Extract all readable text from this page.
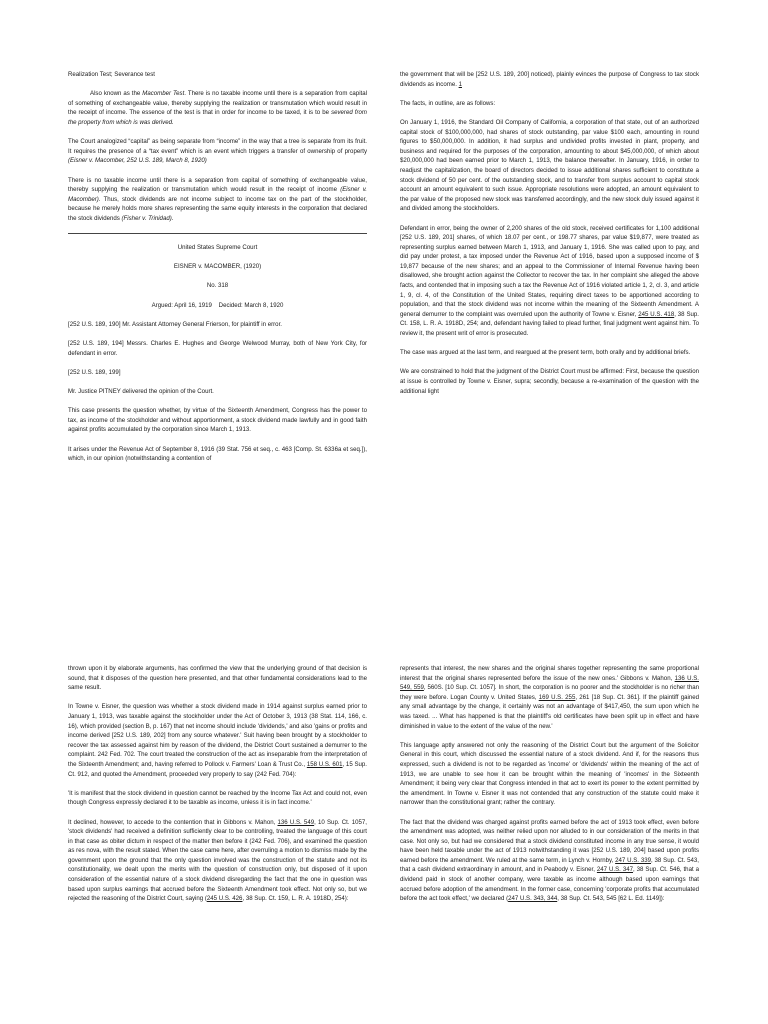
Realization Test; Severance test

Also known as the Macomber Test. There is no taxable income until there is a separation from capital of something of exchangeable value, thereby supplying the realization or transmutation which would result in the receipt of income. The essence of the test is that in order for income to be taxed, it is to be severed from the property from which is was derived.

The Court analogized “capital” as being separate from “income” in the way that a tree is separate from its fruit. It requires the presence of a “tax event” which is an event which triggers a transfer of ownership of property (Eisner v. Macomber, 252 U.S. 189, March 8, 1920)

There is no taxable income until there is a separation from capital of something of exchangeable value, thereby supplying the realization or transmutation which would result in the receipt of income (Eisner v. Macomber). Thus, stock dividends are not income subject to income tax on the part of the stockholder, because he merely holds more shares representing the same equity interests in the corporation that declared the stock dividends (Fisher v. Trinidad).

United States Supreme Court
EISNER v. MACOMBER, (1920)
No. 318
Argued: April 16, 1919    Decided: March 8, 1920

[252 U.S. 189, 190] Mr. Assistant Attorney General Frierson, for plaintiff in error.

[252 U.S. 189, 194] Messrs. Charles E. Hughes and George Welwood Murray, both of New York City, for defendant in error.

[252 U.S. 189, 199]

Mr. Justice PITNEY delivered the opinion of the Court.

This case presents the question whether, by virtue of the Sixteenth Amendment, Congress has the power to tax, as income of the stockholder and without apportionment, a stock dividend made lawfully and in good faith against profits accumulated by the corporation since March 1, 1913.

It arises under the Revenue Act of September 8, 1916 (39 Stat. 756 et seq., c. 463 [Comp. St. 6336a et seq.]), which, in our opinion (notwithstanding a contention of

the government that will be [252 U.S. 189, 200] noticed), plainly evinces the purpose of Congress to tax stock dividends as income. 1

The facts, in outline, are as follows:

On January 1, 1916, the Standard Oil Company of California, a corporation of that state, out of an authorized capital stock of $100,000,000, had shares of stock outstanding, par value $100 each, amounting in round figures to $50,000,000. In addition, it had surplus and undivided profits invested in plant, property, and business and required for the purposes of the corporation, amounting to about $45,000,000, of which about $20,000,000 had been earned prior to March 1, 1913, the balance thereafter. In January, 1916, in order to readjust the capitalization, the board of directors decided to issue additional shares sufficient to constitute a stock dividend of 50 per cent. of the outstanding stock, and to transfer from surplus account to capital stock account an amount equivalent to such issue. Appropriate resolutions were adopted, an amount equivalent to the par value of the proposed new stock was transferred accordingly, and the new stock duly issued against it and divided among the stockholders.

Defendant in error, being the owner of 2,200 shares of the old stock, received certificates for 1,100 additional [252 U.S. 189, 201] shares, of which 18.07 per cent., or 198.77 shares, par value $19,877, were treated as representing surplus earned between March 1, 1913, and January 1, 1916. She was called upon to pay, and did pay under protest, a tax imposed under the Revenue Act of 1916, based upon a supposed income of $ 19,877 because of the new shares; and an appeal to the Commissioner of Internal Revenue having been disallowed, she brought action against the Collector to recover the tax. In her complaint she alleged the above facts, and contended that in imposing such a tax the Revenue Act of 1916 violated article 1, 2, cl. 3, and article 1, 9, cl. 4, of the Constitution of the United States, requiring direct taxes to be apportioned according to population, and that the stock dividend was not income within the meaning of the Sixteenth Amendment. A general demurrer to the complaint was overruled upon the authority of Towne v. Eisner, 245 U.S. 418, 38 Sup. Ct. 158, L. R. A. 1918D, 254; and, defendant having failed to plead further, final judgment went against him. To review it, the present writ of error is prosecuted.

The case was argued at the last term, and reargued at the present term, both orally and by additional briefs.

We are constrained to hold that the judgment of the District Court must be affirmed: First, because the question at issue is controlled by Towne v. Eisner, supra; secondly, because a re-examination of the question with the additional light

thrown upon it by elaborate arguments, has confirmed the view that the underlying ground of that decision is sound, that it disposes of the question here presented, and that other fundamental considerations lead to the same result.

In Towne v. Eisner, the question was whether a stock dividend made in 1914 against surplus earned prior to January 1, 1913, was taxable against the stockholder under the Act of October 3, 1913 (38 Stat. 114, 166, c. 16), which provided (section B, p. 167) that net income should include 'dividends,' and also 'gains or profits and income derived [252 U.S. 189, 202] from any source whatever.' Suit having been brought by a stockholder to recover the tax assessed against him by reason of the dividend, the District Court sustained a demurrer to the complaint. 242 Fed. 702. The court treated the construction of the act as inseparable from the interpretation of the Sixteenth Amendment; and, having referred to Pollock v. Farmers' Loan & Trust Co., 158 U.S. 601, 15 Sup. Ct. 912, and quoted the Amendment, proceeded very properly to say (242 Fed. 704):

'It is manifest that the stock dividend in question cannot be reached by the Income Tax Act and could not, even though Congress expressly declared it to be taxable as income, unless it is in fact income.'

It declined, however, to accede to the contention that in Gibbons v. Mahon, 136 U.S. 549, 10 Sup. Ct. 1057, 'stock dividends' had received a definition sufficiently clear to be controlling, treated the language of this court in that case as obiter dictum in respect of the matter then before it (242 Fed. 706), and examined the question as res nova, with the result stated. When the case came here, after overruling a motion to dismiss made by the government upon the ground that the only question involved was the construction of the statute and not its constitutionality, we dealt upon the merits with the question of construction only, but disposed of it upon consideration of the essential nature of a stock dividend disregarding the fact that the one in question was based upon surplus earnings that accrued before the Sixteenth Amendment took effect. Not only so, but we rejected the reasoning of the District Court, saying (245 U.S. 426, 38 Sup. Ct. 159, L. R. A. 1918D, 254):

represents that interest, the new shares and the original shares together representing the same proportional interest that the original shares represented before the issue of the new ones.' Gibbons v. Mahon, 136 U.S. 549, 559, 560S. [10 Sup. Ct. 1057]. In short, the corporation is no poorer and the stockholder is no richer than they were before. Logan County v. United States, 169 U.S. 255, 261 [18 Sup. Ct. 361]. If the plaintiff gained any small advantage by the change, it certainly was not an advantage of $417,450, the sum upon which he was taxed. ... What has happened is that the plaintiff's old certificates have been split up in effect and have diminished in value to the extent of the value of the new.'

This language aptly answered not only the reasoning of the District Court but the argument of the Solicitor General in this court, which discussed the essential nature of a stock dividend. And if, for the reasons thus expressed, such a dividend is not to be regarded as 'income' or 'dividends' within the meaning of the act of 1913, we are unable to see how it can be brought within the meaning of 'incomes' in the Sixteenth Amendment; it being very clear that Congress intended in that act to exert its power to the extent permitted by the amendment. In Towne v. Eisner it was not contended that any construction of the statute could make it narrower than the constitutional grant; rather the contrary.

The fact that the dividend was charged against profits earned before the act of 1913 took effect, even before the amendment was adopted, was neither relied upon nor alluded to in our consideration of the merits in that case. Not only so, but had we considered that a stock dividend constituted income in any true sense, it would have been held taxable under the act of 1913 notwithstanding it was [252 U.S. 189, 204] based upon profits earned before the amendment. We ruled at the same term, in Lynch v. Hornby, 247 U.S. 339, 38 Sup. Ct. 543, that a cash dividend extraordinary in amount, and in Peabody v. Eisner, 247 U.S. 347, 38 Sup. Ct. 546, that a dividend paid in stock of another company, were taxable as income although based upon earnings that accrued before adoption of the amendment. In the former case, concerning 'corporate profits that accumulated before the act took effect,' we declared (247 U.S. 343, 344, 38 Sup. Ct. 543, 545 [62 L. Ed. 1149]):
